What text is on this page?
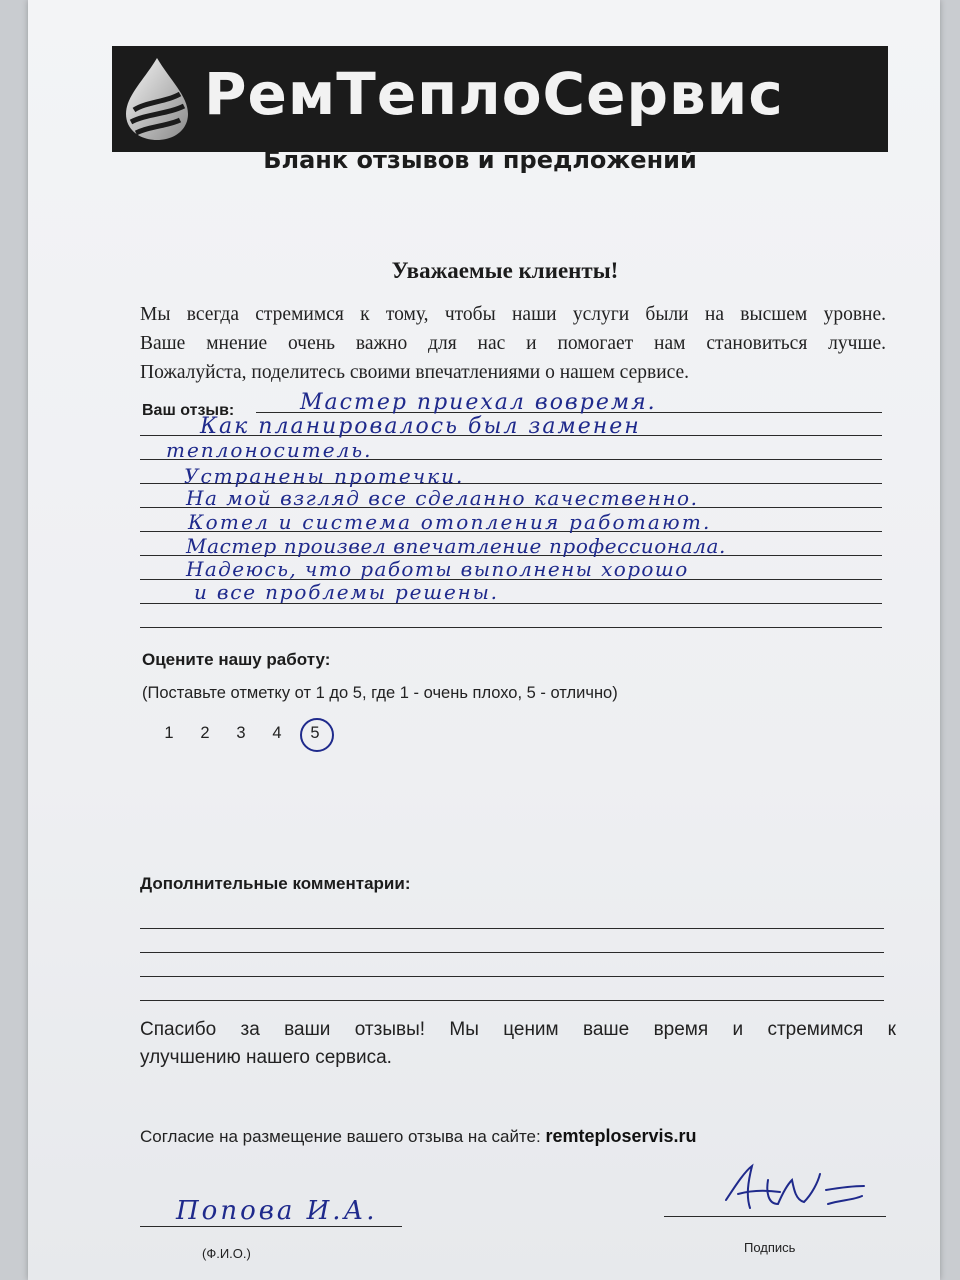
РемТеплоСервис
Бланк отзывов и предложений
Уважаемые клиенты!
Мы всегда стремимся к тому, чтобы наши услуги были на высшем уровне.
Ваше мнение очень важно для нас и помогает нам становиться лучше.
Пожалуйста, поделитесь своими впечатлениями о нашем сервисе.
Ваш отзыв:	Мастер приехал вовремя.
Как планировалось был заменен
теплоноситель.
Устранены протечки.
На мой взгляд все сделанно качественно.
Котел и система отопления работают.
Мастер произвел впечатление профессионала.
Надеюсь, что работы выполнены хорошо
и все проблемы решены.
Оцените нашу работу:
(Поставьте отметку от 1 до 5, где 1 - очень плохо, 5 - отлично)
1	2	3	4	5
Дополнительные комментарии:
Спасибо за ваши отзывы! Мы ценим ваше время и стремимся к
улучшению нашего сервиса.
Согласие на размещение вашего отзыва на сайте: remteploservis.ru
Попова И.А.
(Ф.И.О.)	Подпись
